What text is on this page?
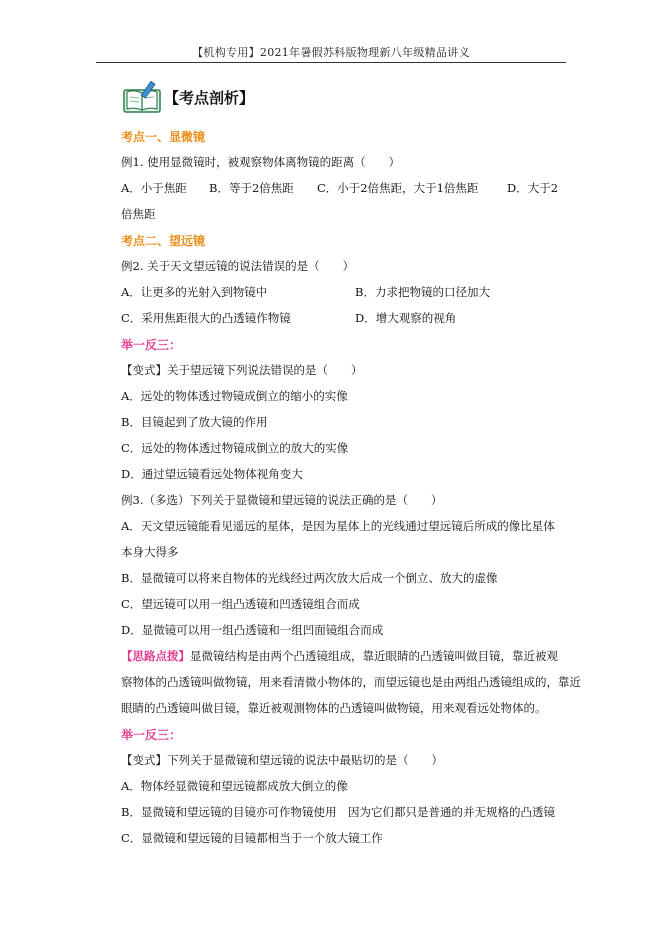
【机构专用】2021年暑假苏科版物理新八年级精品讲义
【考点剖析】
考点一、显微镜
例1. 使用显微镜时，被观察物体离物镜的距离（　　）
A．小于焦距 B．等于2倍焦距 C．小于2倍焦距，大于1倍焦距 D．大于2
倍焦距
考点二、望远镜
例2. 关于天文望远镜的说法错误的是（　　）
A．让更多的光射入到物镜中	B．力求把物镜的口径加大
C．采用焦距很大的凸透镜作物镜	D．增大观察的视角
举一反三：
【变式】关于望远镜下列说法错误的是（　　）
A．远处的物体透过物镜成倒立的缩小的实像
B．目镜起到了放大镜的作用
C．远处的物体透过物镜成倒立的放大的实像
D．通过望远镜看远处物体视角变大
例3.（多选）下列关于显微镜和望远镜的说法正确的是（　　）
A．天文望远镜能看见遥远的星体，是因为星体上的光线通过望远镜后所成的像比星体
本身大得多
B．显微镜可以将来自物体的光线经过两次放大后成一个倒立、放大的虚像
C．望远镜可以用一组凸透镜和凹透镜组合而成
D．显微镜可以用一组凸透镜和一组凹面镜组合而成
【思路点拨】显微镜结构是由两个凸透镜组成，靠近眼睛的凸透镜叫做目镜，靠近被观
察物体的凸透镜叫做物镜，用来看清微小物体的，而望远镜也是由两组凸透镜组成的，靠近
眼睛的凸透镜叫做目镜，靠近被观测物体的凸透镜叫做物镜，用来观看远处物体的。
举一反三：
【变式】下列关于显微镜和望远镜的说法中最贴切的是（　　）
A．物体经显微镜和望远镜都成放大倒立的像
B．显微镜和望远镜的目镜亦可作物镜使用　因为它们都只是普通的并无规格的凸透镜
C．显微镜和望远镜的目镜都相当于一个放大镜工作
